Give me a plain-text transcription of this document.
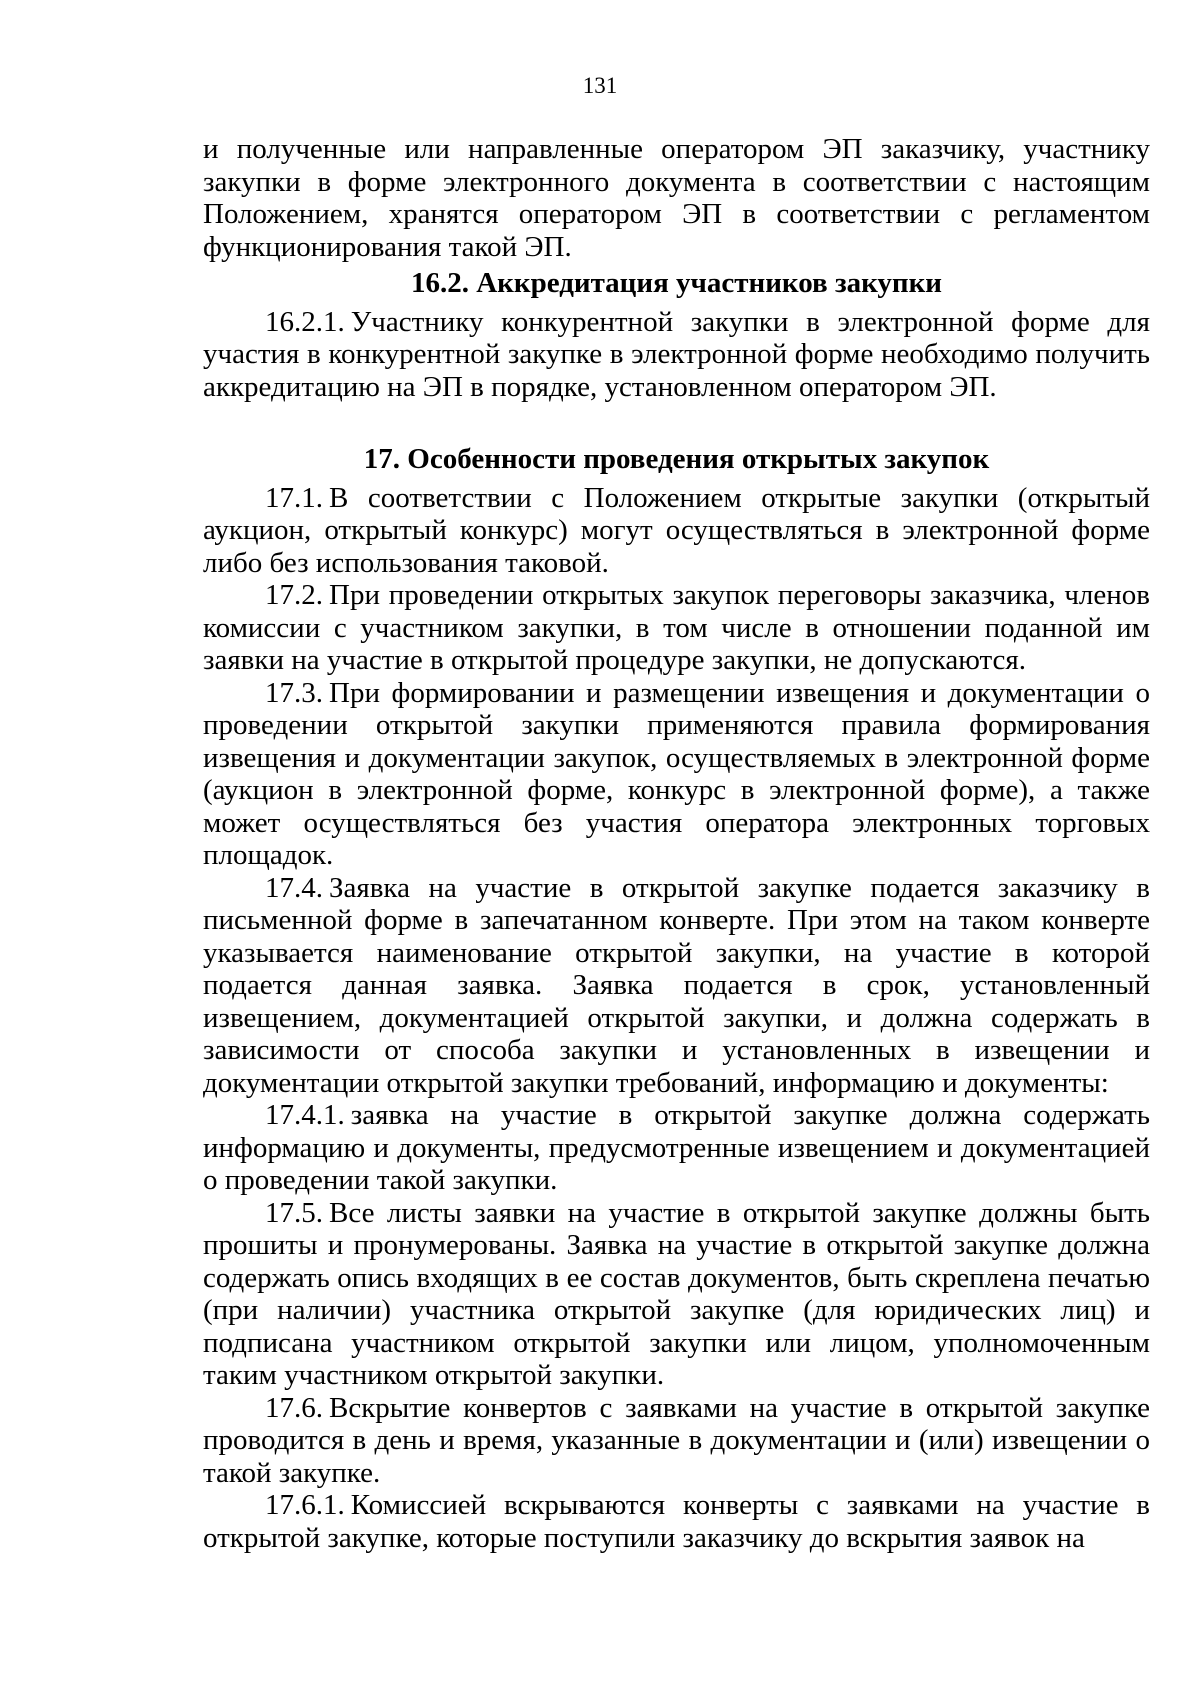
131

и полученные или направленные оператором ЭП заказчику, участнику закупки в форме электронного документа в соответствии с настоящим Положением, хранятся оператором ЭП в соответствии с регламентом функционирования такой ЭП.

16.2. Аккредитация участников закупки

16.2.1. Участнику конкурентной закупки в электронной форме для участия в конкурентной закупке в электронной форме необходимо получить аккредитацию на ЭП в порядке, установленном оператором ЭП.

17. Особенности проведения открытых закупок

17.1. В соответствии с Положением открытые закупки (открытый аукцион, открытый конкурс) могут осуществляться в электронной форме либо без использования таковой.

17.2. При проведении открытых закупок переговоры заказчика, членов комиссии с участником закупки, в том числе в отношении поданной им заявки на участие в открытой процедуре закупки, не допускаются.

17.3. При формировании и размещении извещения и документации о проведении открытой закупки применяются правила формирования извещения и документации закупок, осуществляемых в электронной форме (аукцион в электронной форме, конкурс в электронной форме), а также может осуществляться без участия оператора электронных торговых площадок.

17.4. Заявка на участие в открытой закупке подается заказчику в письменной форме в запечатанном конверте. При этом на таком конверте указывается наименование открытой закупки, на участие в которой подается данная заявка. Заявка подается в срок, установленный извещением, документацией открытой закупки, и должна содержать в зависимости от способа закупки и установленных в извещении и документации открытой закупки требований, информацию и документы:

17.4.1. заявка на участие в открытой закупке должна содержать информацию и документы, предусмотренные извещением и документацией о проведении такой закупки.

17.5. Все листы заявки на участие в открытой закупке должны быть прошиты и пронумерованы. Заявка на участие в открытой закупке должна содержать опись входящих в ее состав документов, быть скреплена печатью (при наличии) участника открытой закупке (для юридических лиц) и подписана участником открытой закупки или лицом, уполномоченным таким участником открытой закупки.

17.6. Вскрытие конвертов с заявками на участие в открытой закупке проводится в день и время, указанные в документации и (или) извещении о такой закупке.

17.6.1. Комиссией вскрываются конверты с заявками на участие в открытой закупке, которые поступили заказчику до вскрытия заявок на
